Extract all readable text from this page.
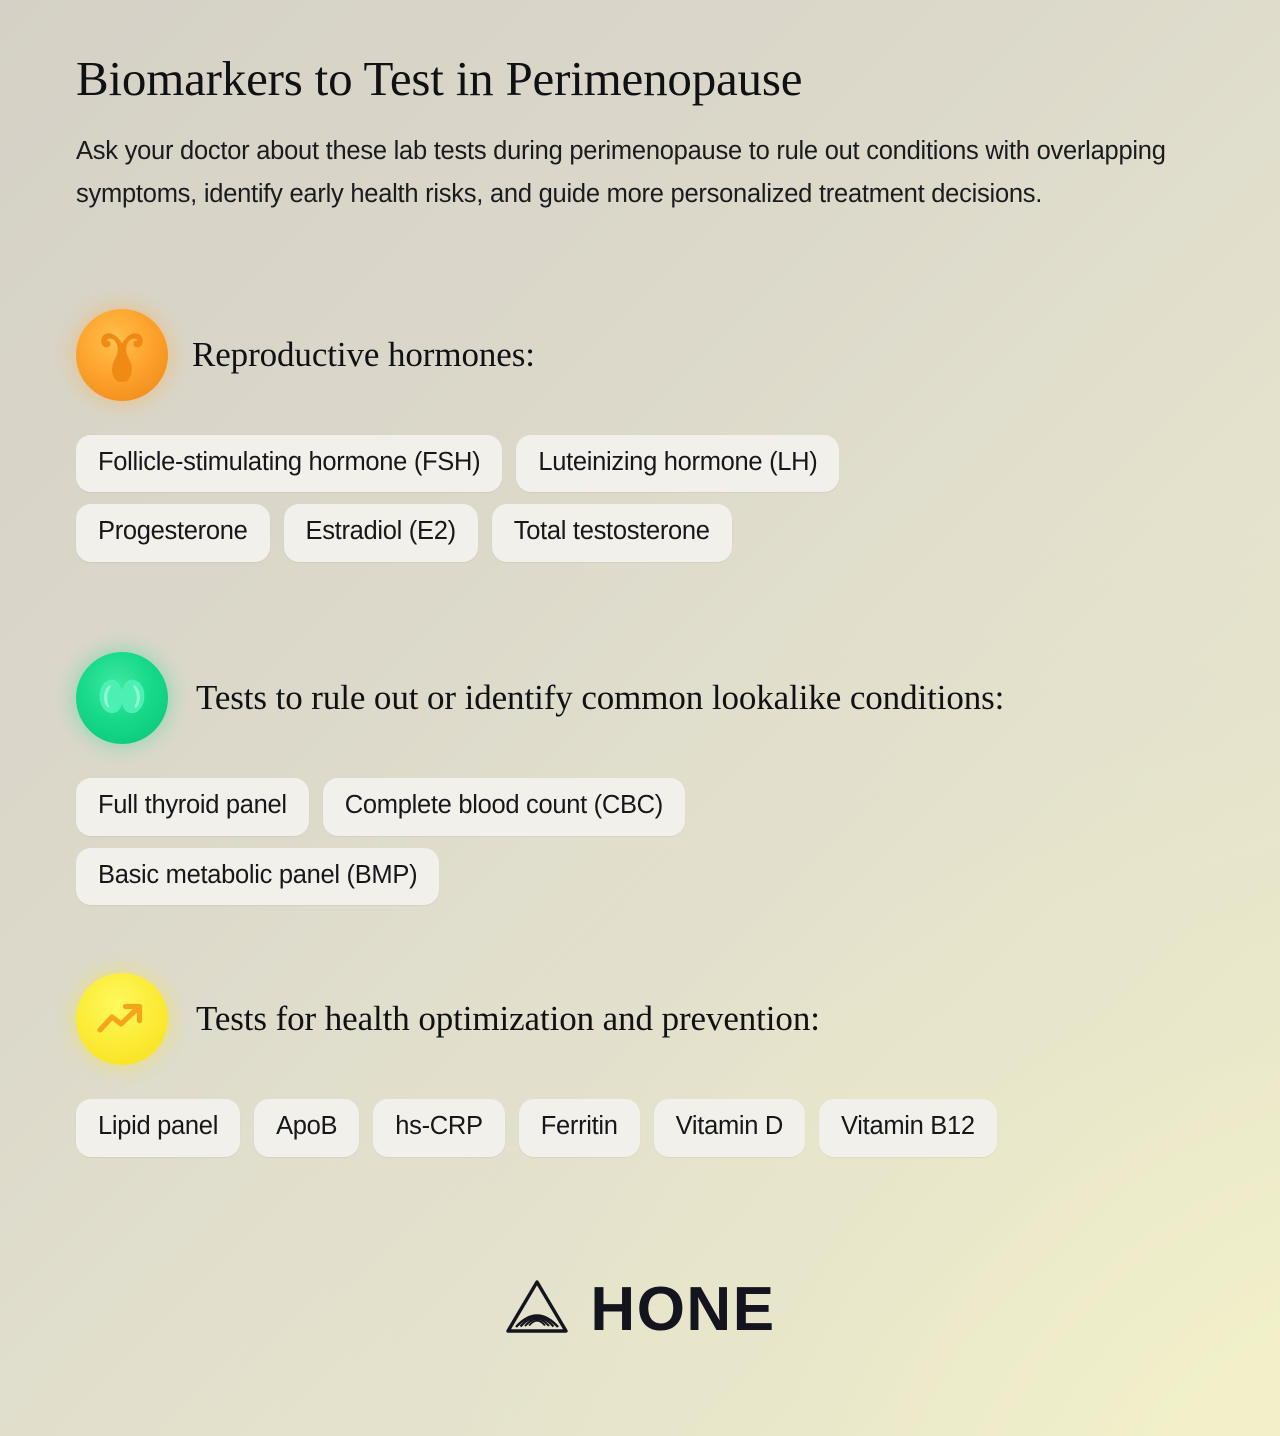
Biomarkers to Test in Perimenopause

Ask your doctor about these lab tests during perimenopause to rule out conditions with overlapping symptoms, identify early health risks, and guide more personalized treatment decisions.

Reproductive hormones:
Follicle-stimulating hormone (FSH)	Luteinizing hormone (LH)
Progesterone	Estradiol (E2)	Total testosterone
Tests to rule out or identify common lookalike conditions:
Full thyroid panel	Complete blood count (CBC)
Basic metabolic panel (BMP)
Tests for health optimization and prevention:
Lipid panel	ApoB	hs-CRP	Ferritin	Vitamin D	Vitamin B12
HONE
